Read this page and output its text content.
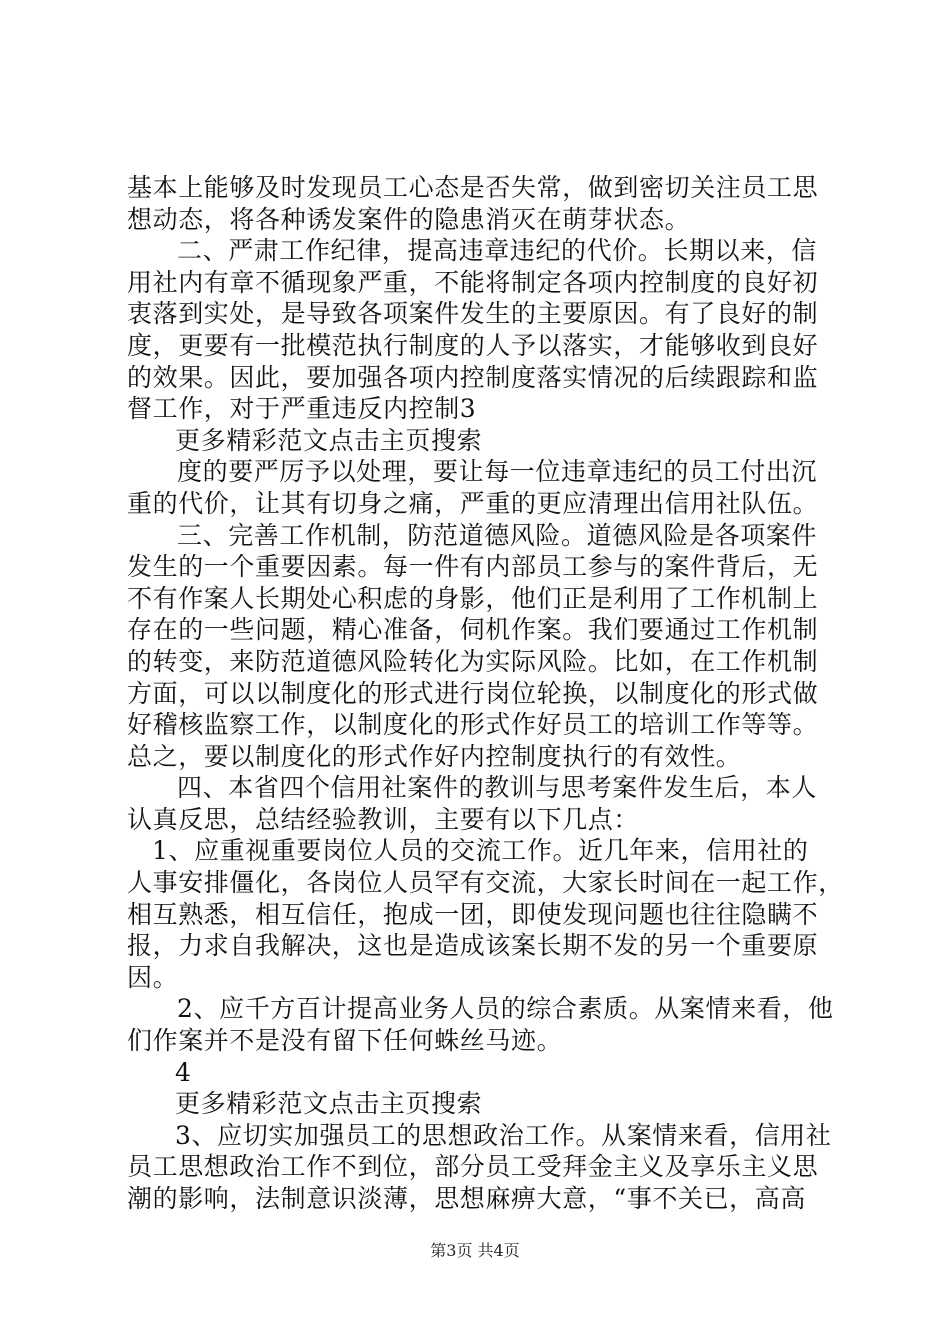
基本上能够及时发现员工心态是否失常，做到密切关注员工思
想动态，将各种诱发案件的隐患消灭在萌芽状态。
二、严肃工作纪律，提高违章违纪的代价。长期以来，信
用社内有章不循现象严重，不能将制定各项内控制度的良好初
衷落到实处，是导致各项案件发生的主要原因。有了良好的制
度，更要有一批模范执行制度的人予以落实，才能够收到良好
的效果。因此，要加强各项内控制度落实情况的后续跟踪和监
督工作，对于严重违反内控制3
更多精彩范文点击主页搜索
度的要严厉予以处理，要让每一位违章违纪的员工付出沉
重的代价，让其有切身之痛，严重的更应清理出信用社队伍。
三、完善工作机制，防范道德风险。道德风险是各项案件
发生的一个重要因素。每一件有内部员工参与的案件背后，无
不有作案人长期处心积虑的身影，他们正是利用了工作机制上
存在的一些问题，精心准备，伺机作案。我们要通过工作机制
的转变，来防范道德风险转化为实际风险。比如，在工作机制
方面，可以以制度化的形式进行岗位轮换，以制度化的形式做
好稽核监察工作，以制度化的形式作好员工的培训工作等等。
总之，要以制度化的形式作好内控制度执行的有效性。
四、本省四个信用社案件的教训与思考案件发生后，本人
认真反思，总结经验教训，主要有以下几点：
1、应重视重要岗位人员的交流工作。近几年来，信用社的
人事安排僵化，各岗位人员罕有交流，大家长时间在一起工作，
相互熟悉，相互信任，抱成一团，即使发现问题也往往隐瞒不
报，力求自我解决，这也是造成该案长期不发的另一个重要原
因。
2、应千方百计提高业务人员的综合素质。从案情来看，他
们作案并不是没有留下任何蛛丝马迹。
4
更多精彩范文点击主页搜索
3、应切实加强员工的思想政治工作。从案情来看，信用社
员工思想政治工作不到位，部分员工受拜金主义及享乐主义思
潮的影响，法制意识淡薄，思想麻痹大意，“事不关已，高高
第3页 共4页
